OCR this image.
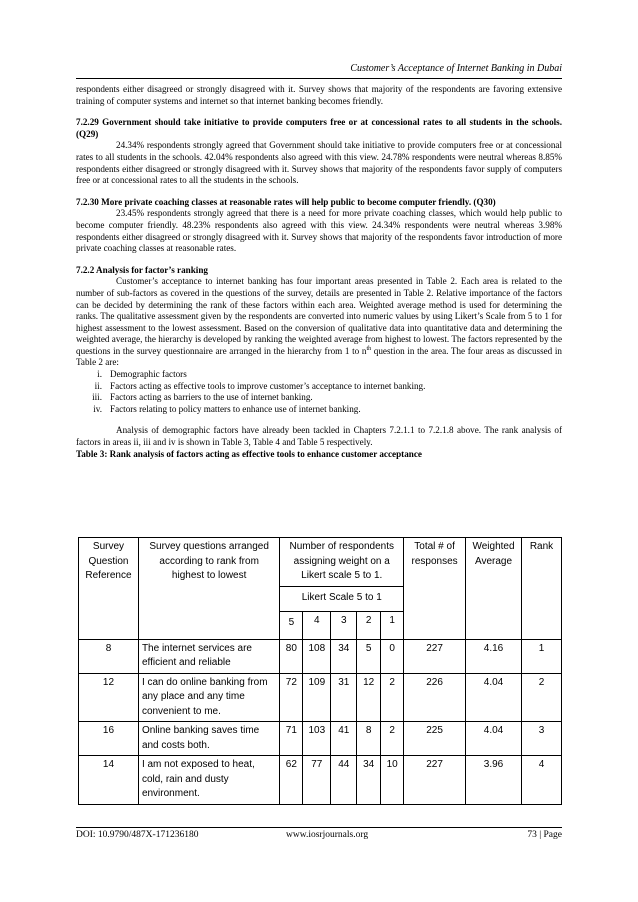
Customer’s Acceptance of Internet Banking in Dubai

respondents either disagreed or strongly disagreed with it. Survey shows that majority of the respondents are favoring extensive training of computer systems and internet so that internet banking becomes friendly.

7.2.29 Government should take initiative to provide computers free or at concessional rates to all students in the schools. (Q29)

24.34% respondents strongly agreed that Government should take initiative to provide computers free or at concessional rates to all students in the schools. 42.04% respondents also agreed with this view. 24.78% respondents were neutral whereas 8.85% respondents either disagreed or strongly disagreed with it. Survey shows that majority of the respondents favor supply of computers free or at concessional rates to all the students in the schools.

7.2.30 More private coaching classes at reasonable rates will help public to become computer friendly. (Q30)

23.45% respondents strongly agreed that there is a need for more private coaching classes, which would help public to become computer friendly. 48.23% respondents also agreed with this view. 24.34% respondents were neutral whereas 3.98% respondents either disagreed or strongly disagreed with it. Survey shows that majority of the respondents favor introduction of more private coaching classes at reasonable rates.

7.2.2 Analysis for factor’s ranking

Customer’s acceptance to internet banking has four important areas presented in Table 2. Each area is related to the number of sub-factors as covered in the questions of the survey, details are presented in Table 2. Relative importance of the factors can be decided by determining the rank of these factors within each area. Weighted average method is used for determining the ranks. The qualitative assessment given by the respondents are converted into numeric values by using Likert’s Scale from 5 to 1 for highest assessment to the lowest assessment. Based on the conversion of qualitative data into quantitative data and determining the weighted average, the hierarchy is developed by ranking the weighted average from highest to lowest. The factors represented by the questions in the survey questionnaire are arranged in the hierarchy from 1 to $n^{th}$ question in the area. The four areas as discussed in Table 2 are:

i. Demographic factors
ii. Factors acting as effective tools to improve customer’s acceptance to internet banking.
iii. Factors acting as barriers to the use of internet banking.
iv. Factors relating to policy matters to enhance use of internet banking.

Analysis of demographic factors have already been tackled in Chapters 7.2.1.1 to 7.2.1.8 above. The rank analysis of factors in areas ii, iii and iv is shown in Table 3, Table 4 and Table 5 respectively.

Table 3: Rank analysis of factors acting as effective tools to enhance customer acceptance

Survey Question Reference	Survey questions arranged according to rank from highest to lowest	Number of respondents assigning weight on a Likert scale 5 to 1.					Total # of responses	Weighted Average	Rank
		Likert Scale 5 to 1							
		5	4	3	2	1			
8	The internet services are efficient and reliable	80	108	34	5	0	227	4.16	1
12	I can do online banking from any place and any time convenient to me.	72	109	31	12	2	226	4.04	2
16	Online banking saves time and costs both.	71	103	41	8	2	225	4.04	3
14	I am not exposed to heat, cold, rain and dusty environment.	62	77	44	34	10	227	3.96	4
DOI: 10.9790/487X-171236180	www.iosrjournals.org	73 | Page
